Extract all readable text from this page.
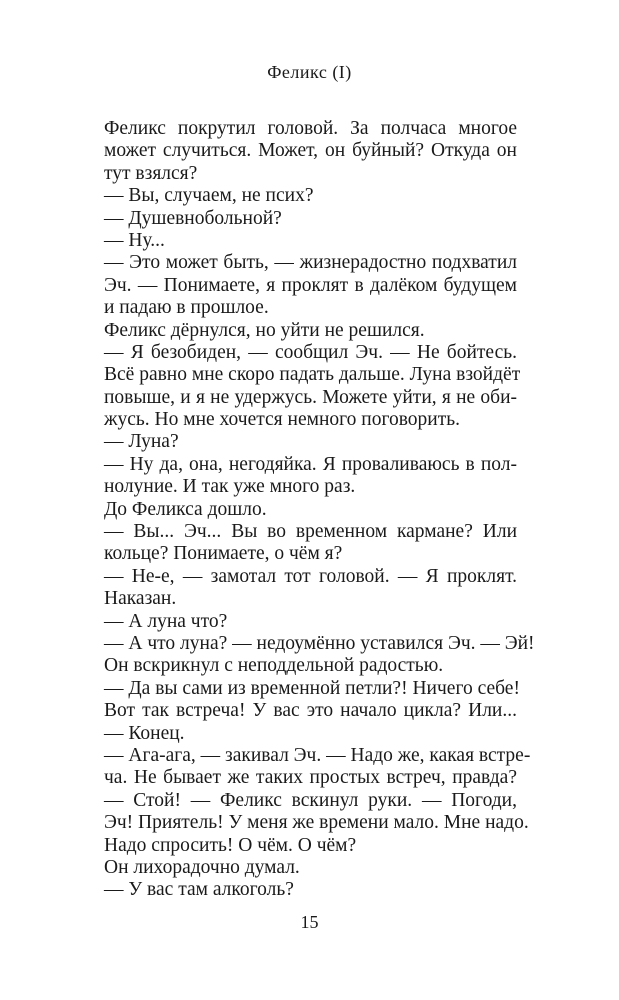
Феликс (I)
Феликс покрутил головой. За полчаса многое
может случиться. Может, он буйный? Откуда он
тут взялся?
— Вы, случаем, не псих?
— Душевнобольной?
— Ну...
— Это может быть, — жизнерадостно подхватил
Эч. — Понимаете, я проклят в далёком будущем
и падаю в прошлое.
Феликс дёрнулся, но уйти не решился.
— Я безобиден, — сообщил Эч. — Не бойтесь.
Всё равно мне скоро падать дальше. Луна взойдёт
повыше, и я не удержусь. Можете уйти, я не оби-
жусь. Но мне хочется немного поговорить.
— Луна?
— Ну да, она, негодяйка. Я проваливаюсь в пол-
нолуние. И так уже много раз.
До Феликса дошло.
— Вы... Эч... Вы во временном кармане? Или
кольце? Понимаете, о чём я?
— Не-е, — замотал тот головой. — Я проклят.
Наказан.
— А луна что?
— А что луна? — недоумённо уставился Эч. — Эй!
Он вскрикнул с неподдельной радостью.
— Да вы сами из временной петли?! Ничего себе!
Вот так встреча! У вас это начало цикла? Или...
— Конец.
— Ага-ага, — закивал Эч. — Надо же, какая встре-
ча. Не бывает же таких простых встреч, правда?
— Стой! — Феликс вскинул руки. — Погоди,
Эч! Приятель! У меня же времени мало. Мне надо.
Надо спросить! О чём. О чём?
Он лихорадочно думал.
— У вас там алкоголь?
15
